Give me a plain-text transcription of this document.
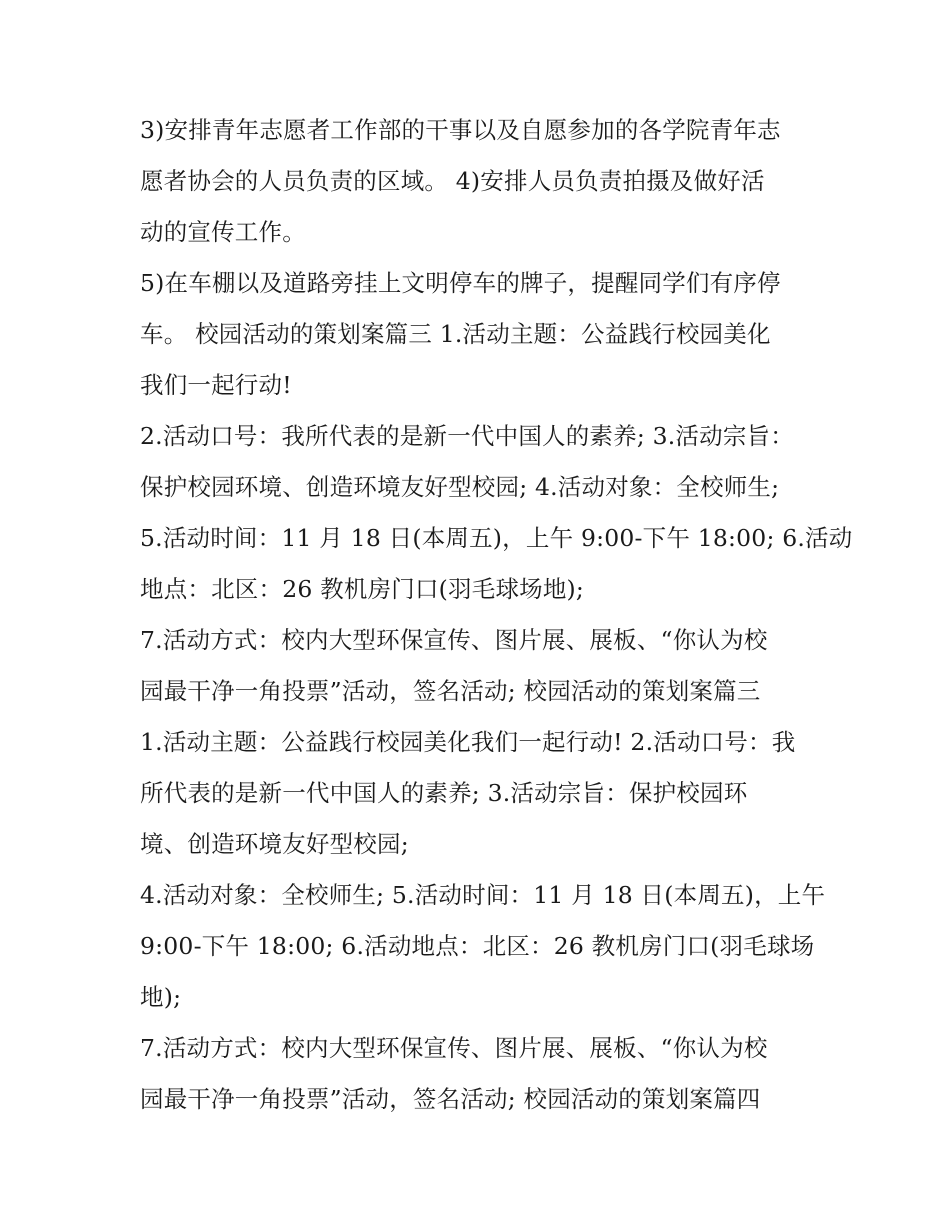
3)安排青年志愿者工作部的干事以及自愿参加的各学院青年志
愿者协会的人员负责的区域。 4)安排人员负责拍摄及做好活
动的宣传工作。
5)在车棚以及道路旁挂上文明停车的牌子，提醒同学们有序停
车。 校园活动的策划案篇三 1.活动主题：公益践行校园美化
我们一起行动!
2.活动口号：我所代表的是新一代中国人的素养; 3.活动宗旨：
保护校园环境、创造环境友好型校园; 4.活动对象：全校师生;
5.活动时间：11 月 18 日(本周五)，上午 9:00-下午 18:00; 6.活动
地点：北区：26 教机房门口(羽毛球场地);
7.活动方式：校内大型环保宣传、图片展、展板、“你认为校
园最干净一角投票”活动，签名活动; 校园活动的策划案篇三
1.活动主题：公益践行校园美化我们一起行动! 2.活动口号：我
所代表的是新一代中国人的素养; 3.活动宗旨：保护校园环
境、创造环境友好型校园;
4.活动对象：全校师生; 5.活动时间：11 月 18 日(本周五)，上午
9:00-下午 18:00; 6.活动地点：北区：26 教机房门口(羽毛球场
地);
7.活动方式：校内大型环保宣传、图片展、展板、“你认为校
园最干净一角投票”活动，签名活动; 校园活动的策划案篇四
